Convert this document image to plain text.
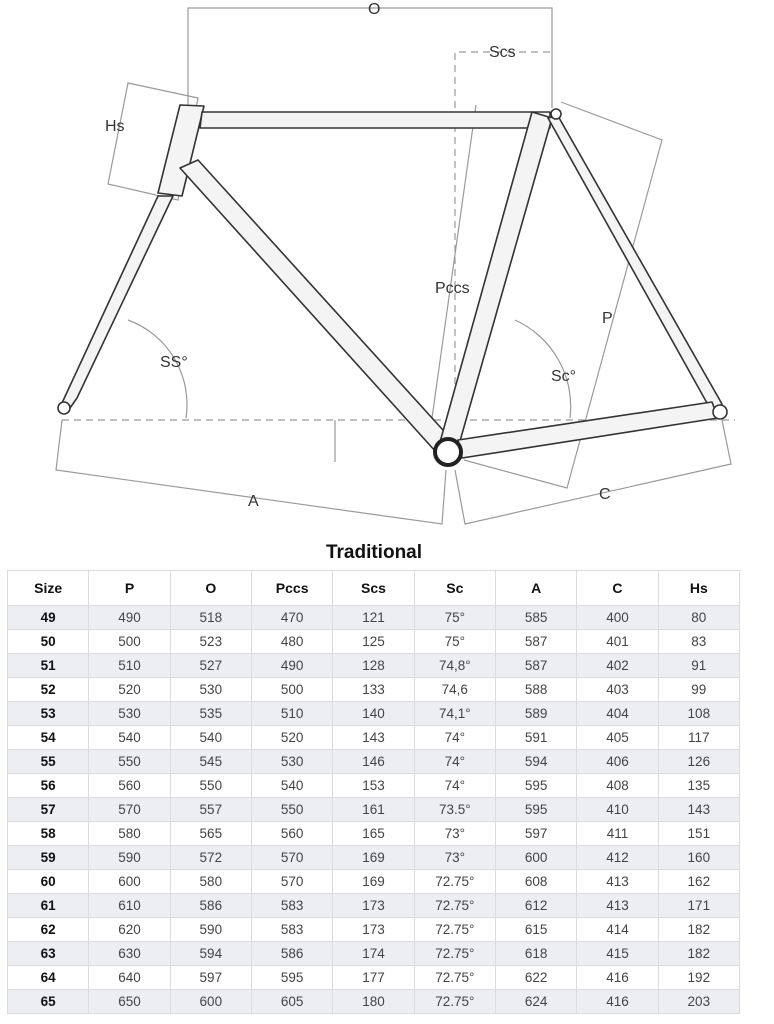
O
Scs
Hs
Pccs
P
SS°
Sc°
A	C
Traditional
Size	P	O	Pccs	Scs	Sc	A	C	Hs
49	490	518	470	121	75°	585	400	80
50	500	523	480	125	75°	587	401	83
51	510	527	490	128	74,8°	587	402	91
52	520	530	500	133	74,6	588	403	99
53	530	535	510	140	74,1°	589	404	108
54	540	540	520	143	74°	591	405	117
55	550	545	530	146	74°	594	406	126
56	560	550	540	153	74°	595	408	135
57	570	557	550	161	73.5°	595	410	143
58	580	565	560	165	73°	597	411	151
59	590	572	570	169	73°	600	412	160
60	600	580	570	169	72.75°	608	413	162
61	610	586	583	173	72.75°	612	413	171
62	620	590	583	173	72.75°	615	414	182
63	630	594	586	174	72.75°	618	415	182
64	640	597	595	177	72.75°	622	416	192
65	650	600	605	180	72.75°	624	416	203
